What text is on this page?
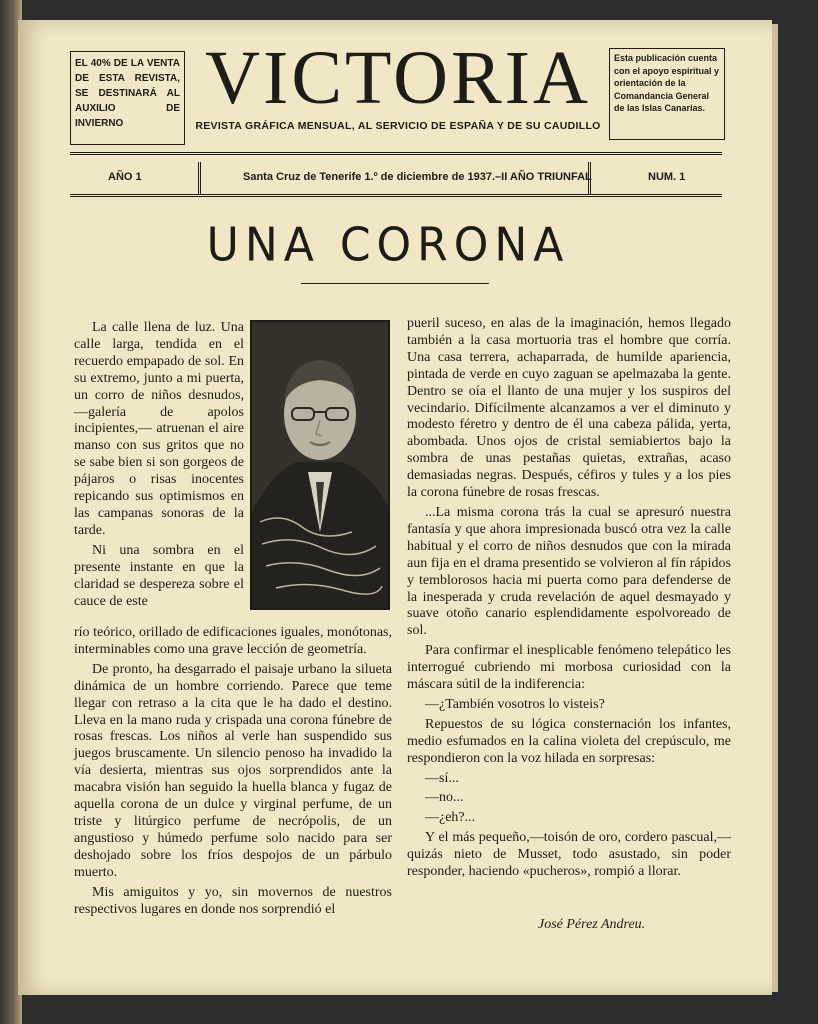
EL 40% DE LA VENTA DE ESTA REVISTA, SE DESTINARÁ AL AUXILIO DE INVIERNO
VICTORIA
REVISTA GRÁFICA MENSUAL, AL SERVICIO DE ESPAÑA Y DE SU CAUDILLO
Esta publicación cuenta con el apoyo espiritual y orientación de la Comandancia General de las Islas Canarias.
AÑO 1	Santa Cruz de Tenerife 1.º de diciembre de 1937.–II AÑO TRIUNFAL	NUM. 1
UNA CORONA

La calle llena de luz. Una calle larga, tendida en el recuerdo empapado de sol. En su extremo, junto a mi puerta, un corro de niños desnudos, —galería de apolos incipientes,— atruenan el aire manso con sus gritos que no se sabe bien si son gorgeos de pájaros o risas inocentes repicando sus optimismos en las campanas sonoras de la tarde.

Ni una sombra en el presente instante en que la claridad se despereza sobre el cauce de este

río teórico, orillado de edificaciones iguales, monótonas, interminables como una grave lección de geometría.

De pronto, ha desgarrado el paisaje urbano la silueta dinámica de un hombre corriendo. Parece que teme llegar con retraso a la cita que le ha dado el destino. Lleva en la mano ruda y crispada una corona fúnebre de rosas frescas. Los niños al verle han suspendido sus juegos bruscamente. Un silencio penoso ha invadido la vía desierta, mientras sus ojos sorprendidos ante la macabra visión han seguido la huella blanca y fugaz de aquella corona de un dulce y virginal perfume, de un triste y litúrgico perfume de necrópolis, de un angustioso y húmedo perfume solo nacido para ser deshojado sobre los fríos despojos de un párbulo muerto.

Mis amiguitos y yo, sin movernos de nuestros respectivos lugares en donde nos sorprendió el

pueril suceso, en alas de la imaginación, hemos llegado también a la casa mortuoria tras el hombre que corría. Una casa terrera, achaparrada, de humilde apariencia, pintada de verde en cuyo zaguan se apelmazaba la gente. Dentro se oía el llanto de una mujer y los suspiros del vecindario. Difícilmente alcanzamos a ver el diminuto y modesto féretro y dentro de él una cabeza pálida, yerta, abombada. Unos ojos de cristal semiabiertos bajo la sombra de unas pestañas quietas, extrañas, acaso demasiadas negras. Después, céfiros y tules y a los pies la corona fúnebre de rosas frescas.

...La misma corona trás la cual se apresuró nuestra fantasía y que ahora impresionada buscó otra vez la calle habitual y el corro de niños desnudos que con la mirada aun fija en el drama presentido se volvieron al fín rápidos y temblorosos hacia mi puerta como para defenderse de la inesperada y cruda revelación de aquel desmayado y suave otoño canario esplendidamente espolvoreado de sol.

Para confirmar el inesplicable fenómeno telepático les interrogué cubriendo mi morbosa curiosidad con la máscara sútil de la indiferencia:

—¿También vosotros lo visteis?

Repuestos de su lógica consternación los infantes, medio esfumados en la calina violeta del crepúsculo, me respondieron con la voz hilada en sorpresas:

—sí...

—no...

—¿eh?...

Y el más pequeño,—toisón de oro, cordero pascual,—quizás nieto de Musset, todo asustado, sin poder responder, haciendo «pucheros», rompió a llorar.

José Pérez Andreu.
